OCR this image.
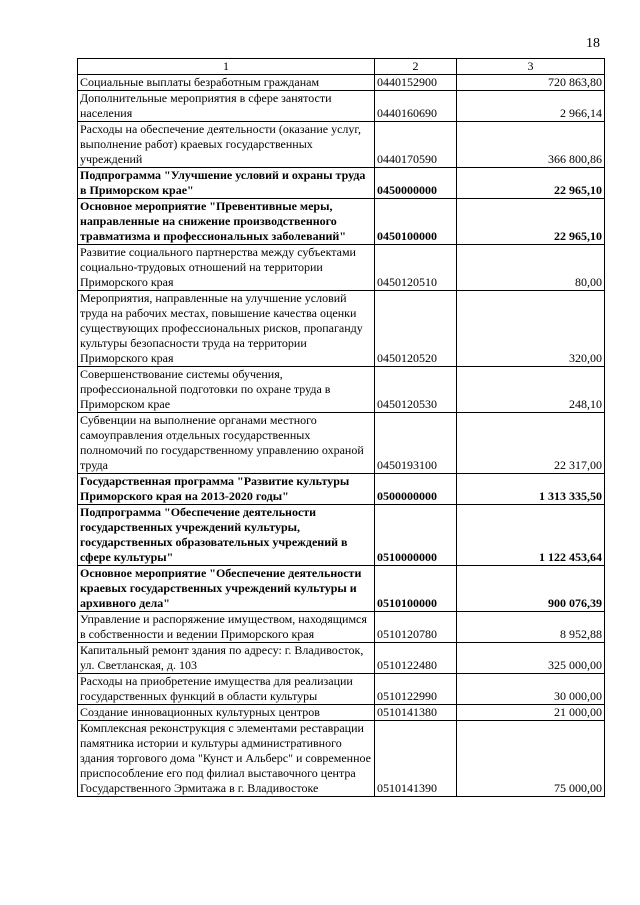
18
1	2	3
Социальные выплаты безработным гражданам	0440152900	720 863,80
Дополнительные мероприятия в сфере занятости населения	0440160690	2 966,14
Расходы на обеспечение деятельности (оказание услуг, выполнение работ) краевых государственных учреждений	0440170590	366 800,86
Подпрограмма "Улучшение условий и охраны труда в Приморском крае"	0450000000	22 965,10
Основное мероприятие "Превентивные меры, направленные на снижение производственного травматизма и профессиональных заболеваний"	0450100000	22 965,10
Развитие социального партнерства между субъектами социально-трудовых отношений на территории Приморского края	0450120510	80,00
Мероприятия, направленные на улучшение условий труда на рабочих местах, повышение качества оценки существующих профессиональных рисков, пропаганду культуры безопасности труда на территории Приморского края	0450120520	320,00
Совершенствование системы обучения, профессиональной подготовки по охране труда в Приморском крае	0450120530	248,10
Субвенции на выполнение органами местного самоуправления отдельных государственных полномочий по государственному управлению охраной труда	0450193100	22 317,00
Государственная программа "Развитие культуры Приморского края на 2013-2020 годы"	0500000000	1 313 335,50
Подпрограмма "Обеспечение деятельности государственных учреждений культуры, государственных образовательных учреждений в сфере культуры"	0510000000	1 122 453,64
Основное мероприятие "Обеспечение деятельности краевых государственных учреждений культуры и архивного дела"	0510100000	900 076,39
Управление и распоряжение имуществом, находящимся в собственности и ведении Приморского края	0510120780	8 952,88
Капитальный ремонт здания по адресу: г. Владивосток, ул. Светланская, д. 103	0510122480	325 000,00
Расходы на приобретение имущества для реализации государственных функций в области культуры	0510122990	30 000,00
Создание инновационных культурных центров	0510141380	21 000,00
Комплексная реконструкция с элементами реставрации памятника истории и культуры административного здания торгового дома "Кунст и Альберс" и современное приспособление его под филиал выставочного центра Государственного Эрмитажа в г. Владивостоке	0510141390	75 000,00
